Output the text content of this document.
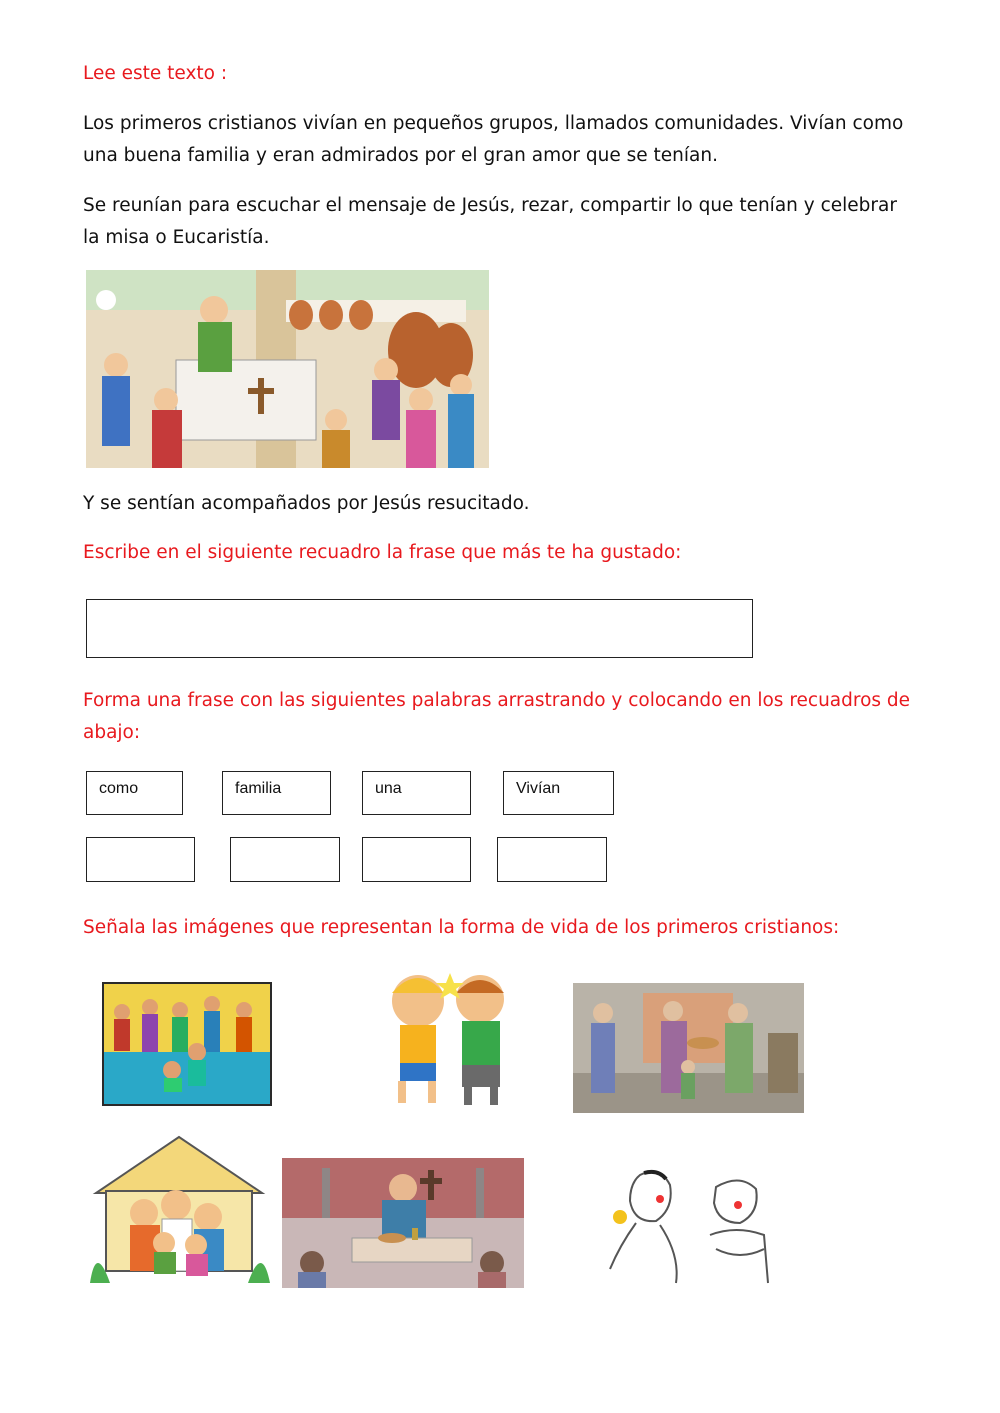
Lee este texto :

Los primeros cristianos vivían en pequeños grupos, llamados comunidades. Vivían como

una buena familia y eran admirados por el gran amor que se tenían.

Se reunían para escuchar el mensaje de Jesús, rezar, compartir lo que tenían y celebrar

la misa o Eucaristía.

Y se sentían acompañados por Jesús resucitado.

Escribe en el siguiente recuadro la frase que más te ha gustado:

Forma una frase con las siguientes palabras arrastrando y colocando en los recuadros de

abajo:

como	familia	una	Vivían

Señala las imágenes que representan la forma de vida de los primeros cristianos:
